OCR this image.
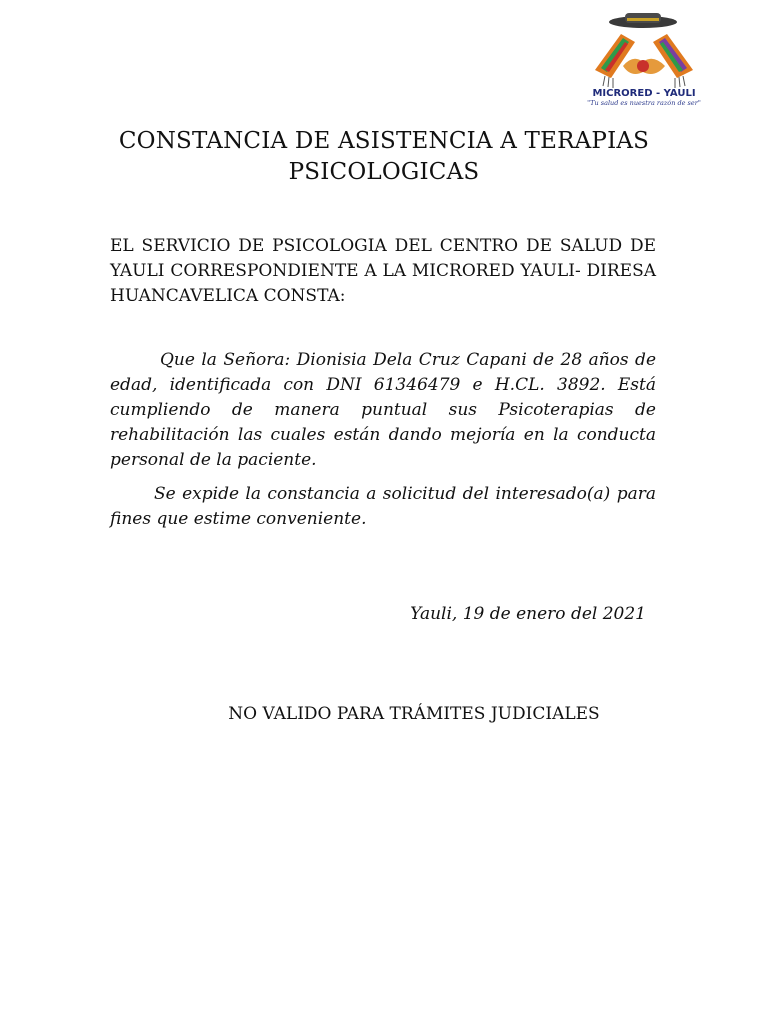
MICRORED - YAULI
"Tu salud es nuestra razón de ser"
CONSTANCIA DE ASISTENCIA A TERAPIAS PSICOLOGICAS

EL SERVICIO DE PSICOLOGIA DEL CENTRO DE SALUD DE YAULI CORRESPONDIENTE A LA MICRORED YAULI- DIRESA HUANCAVELICA CONSTA:

Que la Señora: Dionisia Dela Cruz Capani de 28 años de edad, identificada con DNI 61346479 e H.CL. 3892. Está cumpliendo de manera puntual sus Psicoterapias de rehabilitación las cuales están dando mejoría en la conducta personal de la paciente.

Se expide la constancia a solicitud del interesado(a) para fines que estime conveniente.

Yauli, 19 de enero del 2021

NO VALIDO PARA TRÁMITES JUDICIALES
